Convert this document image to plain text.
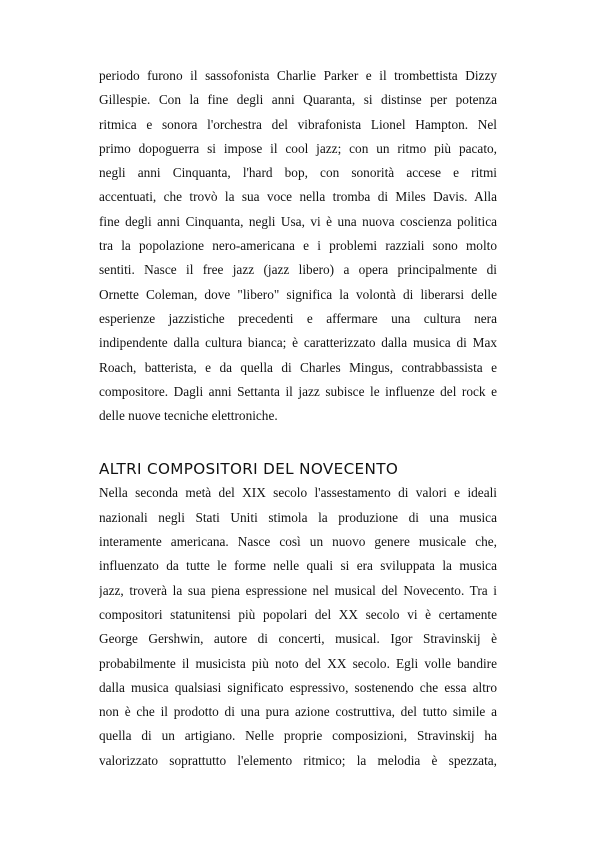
periodo furono il sassofonista Charlie Parker e il trombettista Dizzy
Gillespie. Con la fine degli anni Quaranta, si distinse per potenza
ritmica e sonora l'orchestra del vibrafonista Lionel Hampton. Nel
primo dopoguerra si impose il cool jazz; con un ritmo più pacato,
negli anni Cinquanta, l'hard bop, con sonorità accese e ritmi
accentuati, che trovò la sua voce nella tromba di Miles Davis. Alla
fine degli anni Cinquanta, negli Usa, vi è una nuova coscienza politica
tra la popolazione nero-americana e i problemi razziali sono molto
sentiti. Nasce il free jazz (jazz libero) a opera principalmente di
Ornette Coleman, dove "libero" significa la volontà di liberarsi delle
esperienze jazzistiche precedenti e affermare una cultura nera
indipendente dalla cultura bianca; è caratterizzato dalla musica di Max
Roach, batterista, e da quella di Charles Mingus, contrabbassista e
compositore. Dagli anni Settanta il jazz subisce le influenze del rock e
delle nuove tecniche elettroniche.
ALTRI COMPOSITORI DEL NOVECENTO
Nella seconda metà del XIX secolo l'assestamento di valori e ideali
nazionali negli Stati Uniti stimola la produzione di una musica
interamente americana. Nasce così un nuovo genere musicale che,
influenzato da tutte le forme nelle quali si era sviluppata la musica
jazz, troverà la sua piena espressione nel musical del Novecento. Tra i
compositori statunitensi più popolari del XX secolo vi è certamente
George Gershwin, autore di concerti, musical. Igor Stravinskij è
probabilmente il musicista più noto del XX secolo. Egli volle bandire
dalla musica qualsiasi significato espressivo, sostenendo che essa altro
non è che il prodotto di una pura azione costruttiva, del tutto simile a
quella di un artigiano. Nelle proprie composizioni, Stravinskij ha
valorizzato soprattutto l'elemento ritmico; la melodia è spezzata,
